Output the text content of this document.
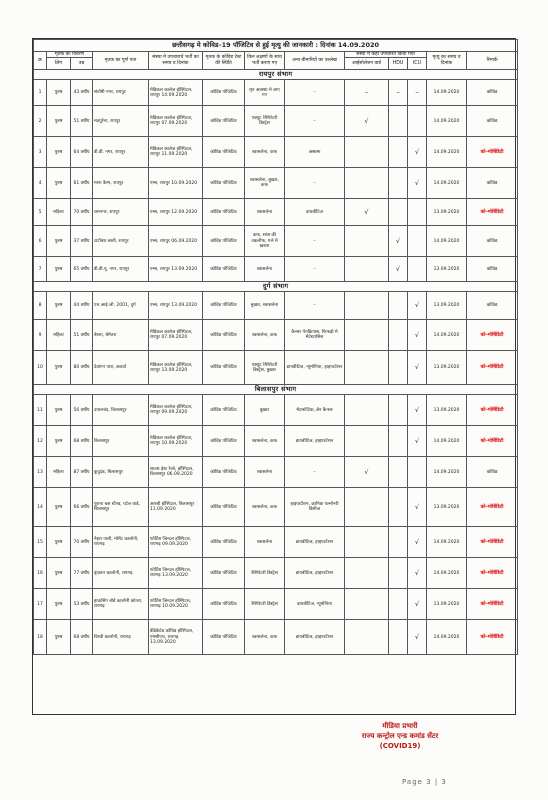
छत्तीसगढ़ मे कोविड–19 पॉजिटिव से हुई मृत्यु की जानकारी : दिनांक 14.09.2020												
क्र	मृतक का विवरण		मृतक का पूर्ण पता	संस्था मे उपचारार्थ भर्ती का समय व दिनांक	मृतक के कोविड टेस्ट की स्थिति	किन लक्षणों के साथ भर्ती कराए गए	अन्य बीमारियों का उल्लेख	संस्था में कहां उपचारित किया गया			मृत्यु का समय व दिनांक	रिमार्क
	लिंग	उम्र						आईसोलेशन वार्ड	HDU	ICU		
रायपुर संभाग												
1	पुरुष	43 वर्षीय	संतोषी नगर, रायपुर	मेडिकल कालेज हॉस्पिटल, रायपुर 14.09.2020	कोविड पॉजिटिव	मृत अवस्था मे लाए गए	–	–	–	–	14.09.2020	कोविड
2	पुरुष	51 वर्षीय	मठपुरेना, रायपुर	मेडिकल कालेज हॉस्पिटल, रायपुर 07.09.2020	कोविड पॉजिटिव	एक्यूट रेस्पिरेटरी डिस्ट्रेस	–	√			14.09.2020	कोविड
3	पुरुष	64 वर्षीय	डी.डी. नगर, रायपुर	मेडिकल कालेज हॉस्पिटल, रायपुर 11.09.2020	कोविड पॉजिटिव	श्वासलेना, कफ	अस्थमा			√	14.09.2020	को–मोर्बिडिटी
4	पुरुष	61 वर्षीय	माना कैम्प, रायपुर	एम्स, रायपुर 10.09.2020	कोविड पॉजिटिव	श्वासलेना, बुखार, कफ	–			√	14.09.2020	कोविड
5	महिला	70 वर्षीय	रामनगर, रायपुर	एम्स, रायपुर 12.09.2020	कोविड पॉजिटिव	श्वासलेना	डायबीटिज	√			13.09.2020	को–मोर्बिडिटी
6	पुरुष	37 वर्षीय	टाटीबंध बस्ती, रायपुर	एम्स, रायपुर 06.09.2020	कोविड पॉजिटिव	कफ, सांस की तकलीफ, गले में खराश	–		√		14.09.2020	कोविड
7	पुरुष	65 वर्षीय	डी.डी.यू. नगर, रायपुर	एम्स, रायपुर 13.09.2020	कोविड पॉजिटिव	श्वासलेना	–		√		13.09.2020	कोविड
दुर्ग संभाग												
8	पुरुष	44 वर्षीय	एच.आई.जी. 2001, दुर्ग	एम्स, रायपुर 13.09.2020	कोविड पॉजिटिव	बुखार, श्वासलेना	–			√	13.09.2020	कोविड
9	महिला	51 वर्षीय	बेरला, बेमेतरा	मेडिकल कालेज हॉस्पिटल, रायपुर 07.09.2020	कोविड पॉजिटिव	श्वासलेना, कफ	कैन्सर पेनक्रियास, फिफड़ो मे मेटेस्टासिस			√	14.09.2020	को–मोर्बिडिटी
10	पुरुष	80 वर्षीय	देवांगन पारा, कवर्धा	मेडिकल कालेज हॉस्पिटल, रायपुर 13.09.2020	कोविड पॉजिटिव	एक्यूट रेस्पिरेटरी डिस्ट्रेस, बुखार	डायबीटिज, न्यूमोनिया, हाइपरटेंशन			√	13.09.2020	को–मोर्बिडिटी
बिलासपुर संभाग												
11	पुरुष	56 वर्षीय	दयालबंद, बिलासपुर	मेडिकल कालेज हॉस्पिटल, रायपुर 09.09.2020	कोविड पॉजिटिव	बुखार	मेटास्टेटिक, ब्रेन कैन्सर			√	13.09.2020	को–मोर्बिडिटी
12	पुरुष	68 वर्षीय	बिलासपुर	मेडिकल कालेज हॉस्पिटल, रायपुर 10.09.2020	कोविड पॉजिटिव	श्वासलेना, कफ	डायबीटिज, हाइपरटेंशन			√	14.09.2020	को–मोर्बिडिटी
13	महिला	87 वर्षीय	कुदुदंड, बिलासपुर	साउथ ईस्ट रेल्वे, हॉस्पिटल, बिलासपुर 06.09.2020	कोविड पॉजिटिव	श्वासलेना	–	√			14.09.2020	कोविड
14	पुरुष	66 वर्षीय	पुराना बस स्टैण्ड, पटेल वार्ड, बिलासपुर	आरबी हॉस्पिटल, बिलासपुर 11.09.2020	कोविड पॉजिटिव	श्वासलेना, कफ	हाइपरटेंशन, क्रानिक पल्मोनरी डिसीज			√	13.09.2020	को–मोर्बिडिटी
15	पुरुष	70 वर्षीय	नेहरा पाली, मोमेंट कालोनी, रायगढ़	फोर्टिस जिन्दल हॉस्पिटल, रायगढ़ 09.09.2020	कोविड पॉजिटिव	श्वासलेना	डायबीटिज, हाइपरटेंशन			√	14.09.2020	को–मोर्बिडिटी
16	पुरुष	77 वर्षीय	वृंदावन कालोनी, रायगढ़	फोर्टिस जिन्दल हॉस्पिटल, रायगढ़ 13.09.2020	कोविड पॉजिटिव	रेस्पिरेटरी डिस्ट्रेस	डायबीटिज, हाइपरटेंशन			√	14.09.2020	को–मोर्बिडिटी
17	पुरुष	53 वर्षीय	हाऊसिंग बोर्ड कालोनी कोतरा, रायगढ़	फोर्टिस जिन्दल हॉस्पिटल, रायगढ़ 10.09.2020	कोविड पॉजिटिव	रेस्पिरेटरी डिस्ट्रेस	डायबीटिज, न्यूमोनिया			√	13.09.2020	को–मोर्बिडिटी
18	पुरुष	68 वर्षीय	विश्वी कालोनी, रायगढ़	डेडिकेटेड कोविड हॉस्पिटल, एमसीएच, रायगढ़ 13.09.2020	कोविड पॉजिटिव	श्वासलेना, कफ	डायबीटिज, हाइपरटेंशन			√	14.09.2020	को–मोर्बिडिटी
मीडिया प्रभारी
राज्य कन्ट्रोल एन्ड कमांड सेंटर
(COVID19)
Page 3 | 3
